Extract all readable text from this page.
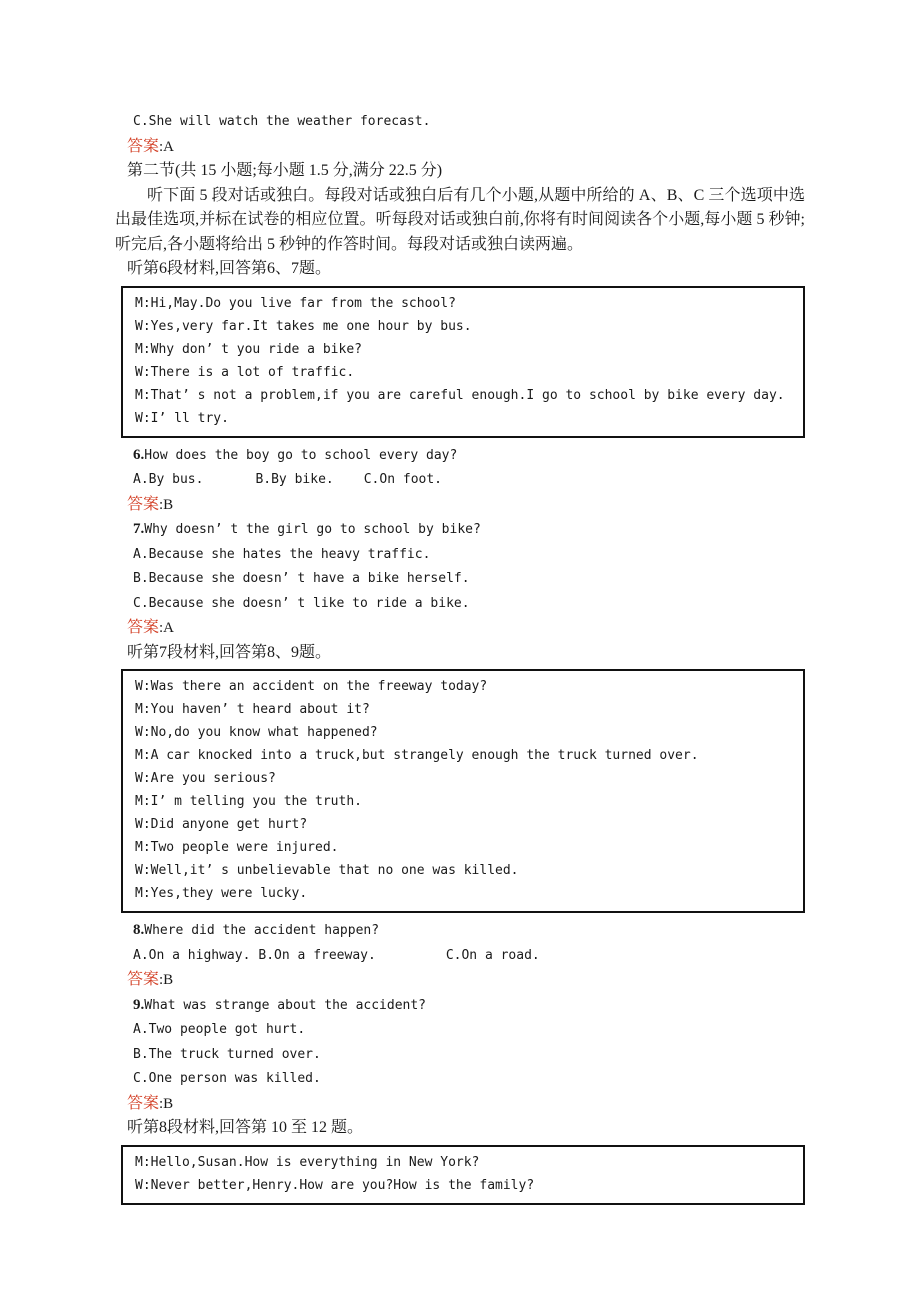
C.She will watch the weather forecast.
答案:A
第二节(共 15 小题;每小题 1.5 分,满分 22.5 分)

听下面 5 段对话或独白。每段对话或独白后有几个小题,从题中所给的 A、B、C 三个选项中选出最佳选项,并标在试卷的相应位置。听每段对话或独白前,你将有时间阅读各个小题,每小题 5 秒钟;听完后,各小题将给出 5 秒钟的作答时间。每段对话或独白读两遍。

听第6段材料,回答第6、7题。
M:Hi,May.Do you live far from the school?
W:Yes,very far.It takes me one hour by bus.
M:Why don’ t you ride a bike?
W:There is a lot of traffic.
M:That’ s not a problem,if you are careful enough.I go to school by bike every day.
W:I’ ll try.
6.How does the boy go to school every day?
A.By bus.	B.By bike. C.On foot.
答案:B
7.Why doesn’ t the girl go to school by bike?
A.Because she hates the heavy traffic.
B.Because she doesn’ t have a bike herself.
C.Because she doesn’ t like to ride a bike.
答案:A
听第7段材料,回答第8、9题。
W:Was there an accident on the freeway today?
M:You haven’ t heard about it?
W:No,do you know what happened?
M:A car knocked into a truck,but strangely enough the truck turned over.
W:Are you serious?
M:I’ m telling you the truth.
W:Did anyone get hurt?
M:Two people were injured.
W:Well,it’ s unbelievable that no one was killed.
M:Yes,they were lucky.
8.Where did the accident happen?
A.On a highway. B.On a freeway.	C.On a road.
答案:B
9.What was strange about the accident?
A.Two people got hurt.
B.The truck turned over.
C.One person was killed.
答案:B
听第8段材料,回答第 10 至 12 题。
M:Hello,Susan.How is everything in New York?
W:Never better,Henry.How are you?How is the family?
